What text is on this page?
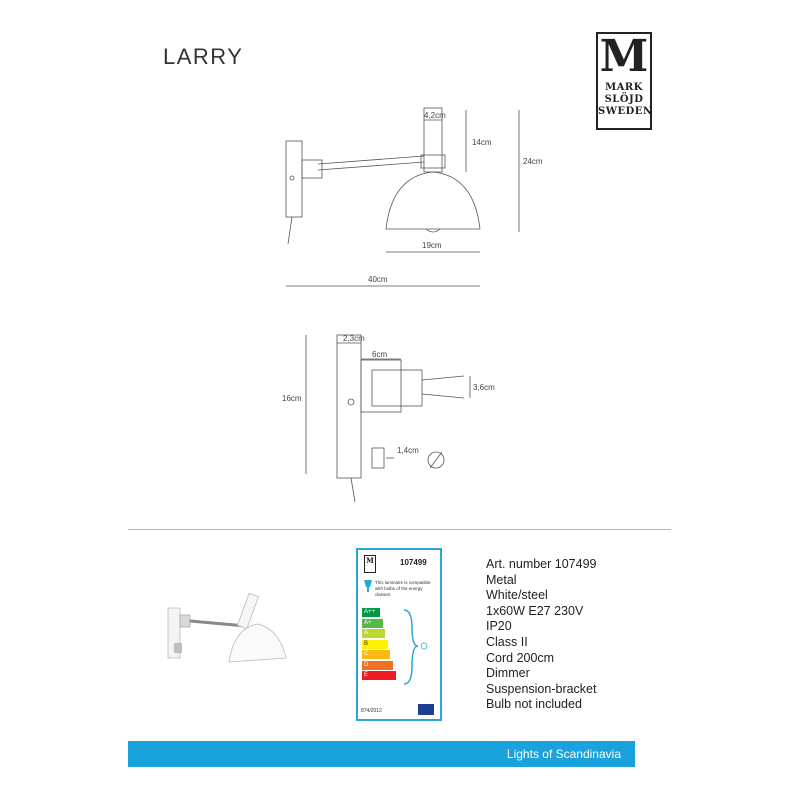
LARRY	M
MARK
SLÖJD
SWEDEN
4,2cm
14cm
24cm
19cm
40cm
2,3cm
6cm
3,6cm
16cm
1,4cm
M	107499
This luminaire is compatible with bulbs of the energy classes:
A++
A+
A
B
C
D
E
874/2012
Art. number 107499
Metal
White/steel
1x60W E27 230V
IP20
Class II
Cord 200cm
Dimmer
Suspension-bracket
Bulb not included
Lights of Scandinavia
